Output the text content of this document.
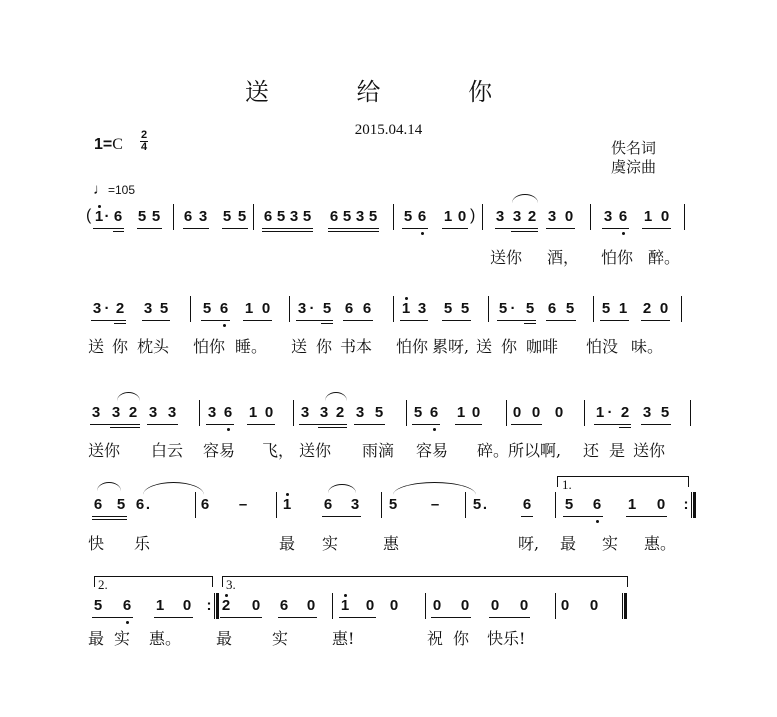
送 给 你
2015.04.14
$1=C \frac{2}{4}$	佚名词
虞淙曲
♩=105
( 1 · 6 5 5 6 3 5 5 6 5 3 5 6 5 3 5 5 6 1 0 3 3 2 3 0 3 6 1 0
)
送你 酒， 怕你 醉。
3 · 2 3 5 5 6 1 0 3 · 5 6 6 1 3 5 5 5 · 5 6 5 5 1 2 0
送 你 枕头 怕你 睡。 送 你 书本 怕你 累呀, 送 你 咖啡 怕没 味。
3 3 2 3 3 3 6 1 0 3 3 2 3 5 5 6 1 0 0 0 0 1 · 2 3 5
送你 白云 容易 飞， 送你 雨滴 容易 碎。
所以啊, 还 是 送你
6 5 6 .	6 – 1 6 3 5 – 5 . 6 5 6 1 0 :
1.
快 乐	最 实	惠	呀, 最 实 惠。
5 6 1 0 : 2 0 6 0 1 0 0 0 0 0 0 0 0
2.	3.
最 实 惠。 最 实	惠!	祝 你 快乐!
